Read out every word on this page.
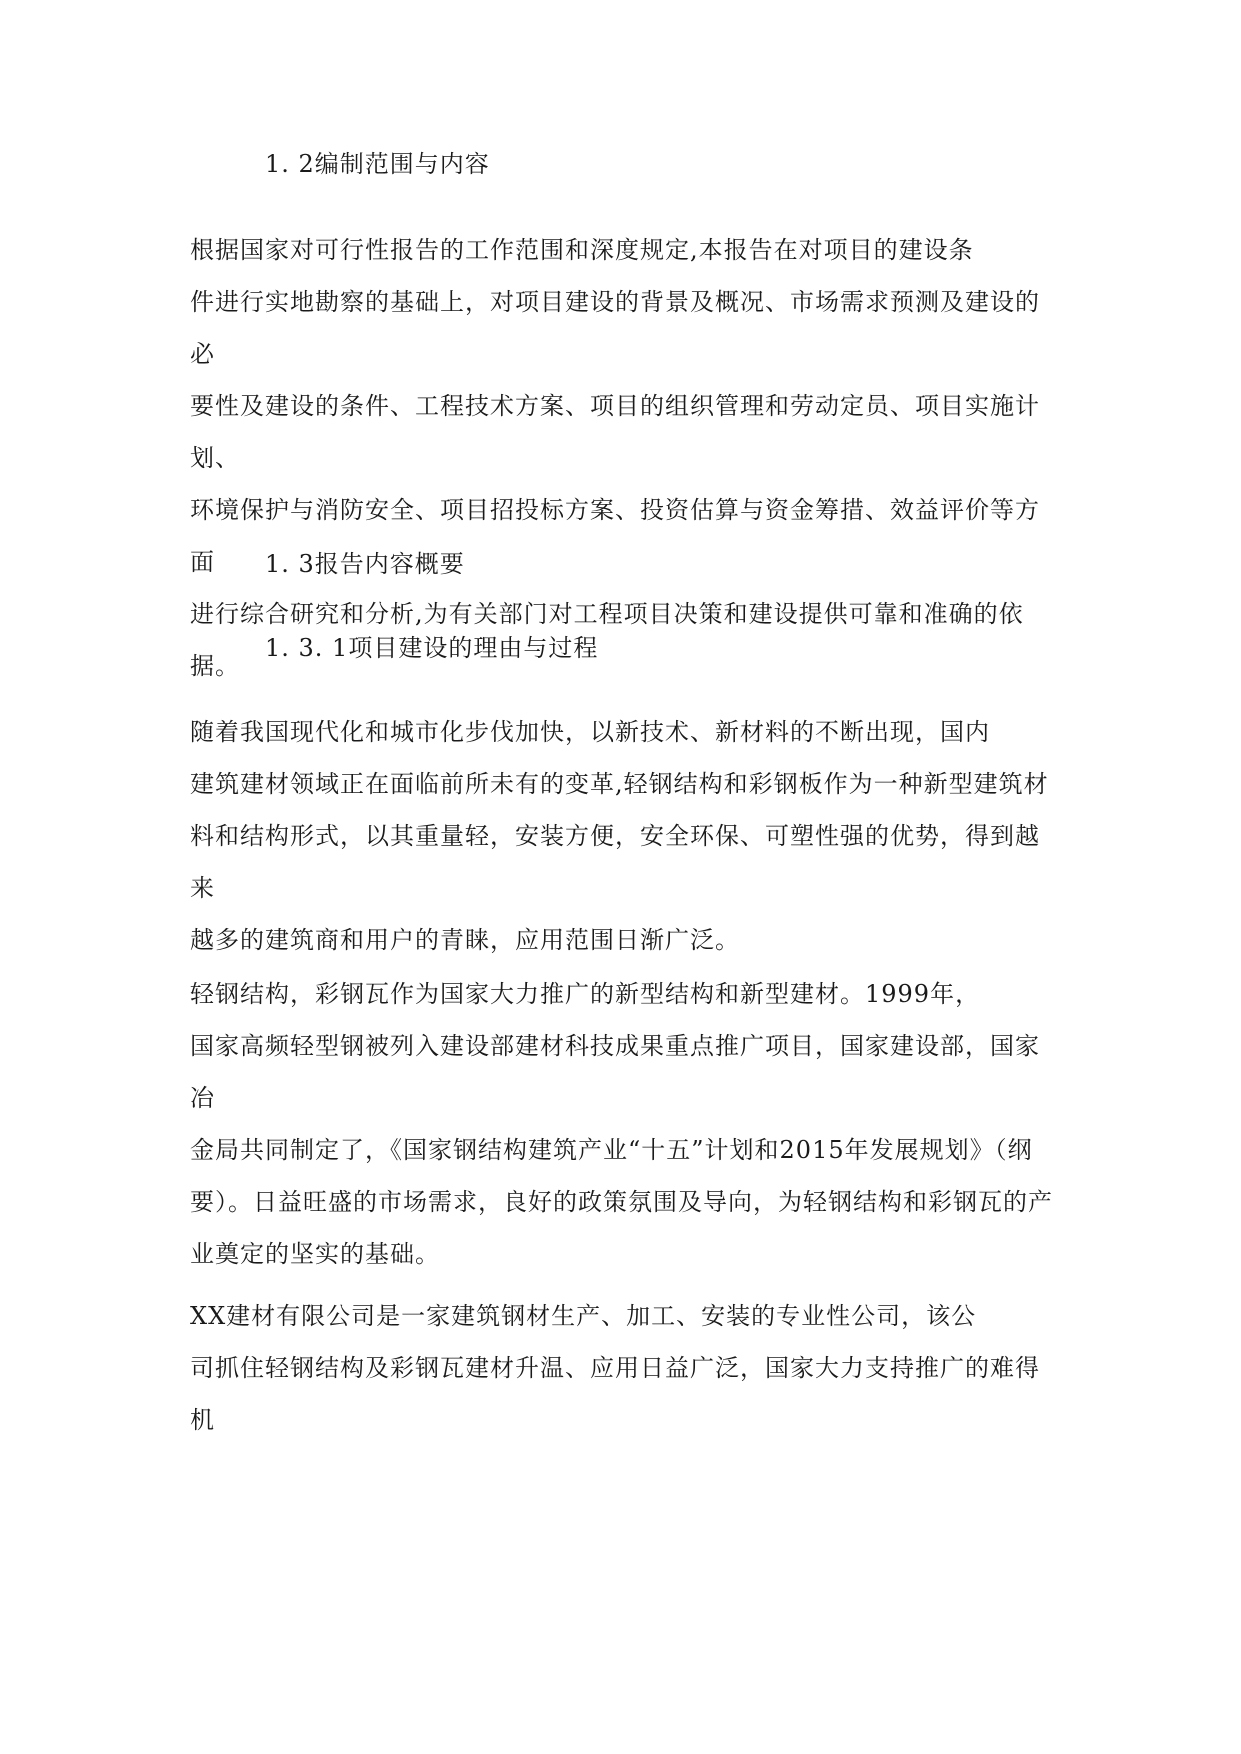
1. 2编制范围与内容
根据国家对可行性报告的工作范围和深度规定,本报告在对项目的建设条
件进行实地勘察的基础上，对项目建设的背景及概况、市场需求预测及建设的必
要性及建设的条件、工程技术方案、项目的组织管理和劳动定员、项目实施计划、
环境保护与消防安全、项目招投标方案、投资估算与资金筹措、效益评价等方面
进行综合研究和分析,为有关部门对工程项目决策和建设提供可靠和准确的依据。
1. 3报告内容概要
1. 3. 1项目建设的理由与过程
随着我国现代化和城市化步伐加快，以新技术、新材料的不断出现，国内
建筑建材领域正在面临前所未有的变革,轻钢结构和彩钢板作为一种新型建筑材
料和结构形式，以其重量轻，安装方便，安全环保、可塑性强的优势，得到越来
越多的建筑商和用户的青睐，应用范围日渐广泛。
轻钢结构，彩钢瓦作为国家大力推广的新型结构和新型建材。1999年，
国家高频轻型钢被列入建设部建材科技成果重点推广项目，国家建设部，国家冶
金局共同制定了，《国家钢结构建筑产业“十五”计划和2015年发展规划》（纲
要）。日益旺盛的市场需求，良好的政策氛围及导向，为轻钢结构和彩钢瓦的产
业奠定的坚实的基础。
XX建材有限公司是一家建筑钢材生产、加工、安装的专业性公司，该公
司抓住轻钢结构及彩钢瓦建材升温、应用日益广泛，国家大力支持推广的难得机
